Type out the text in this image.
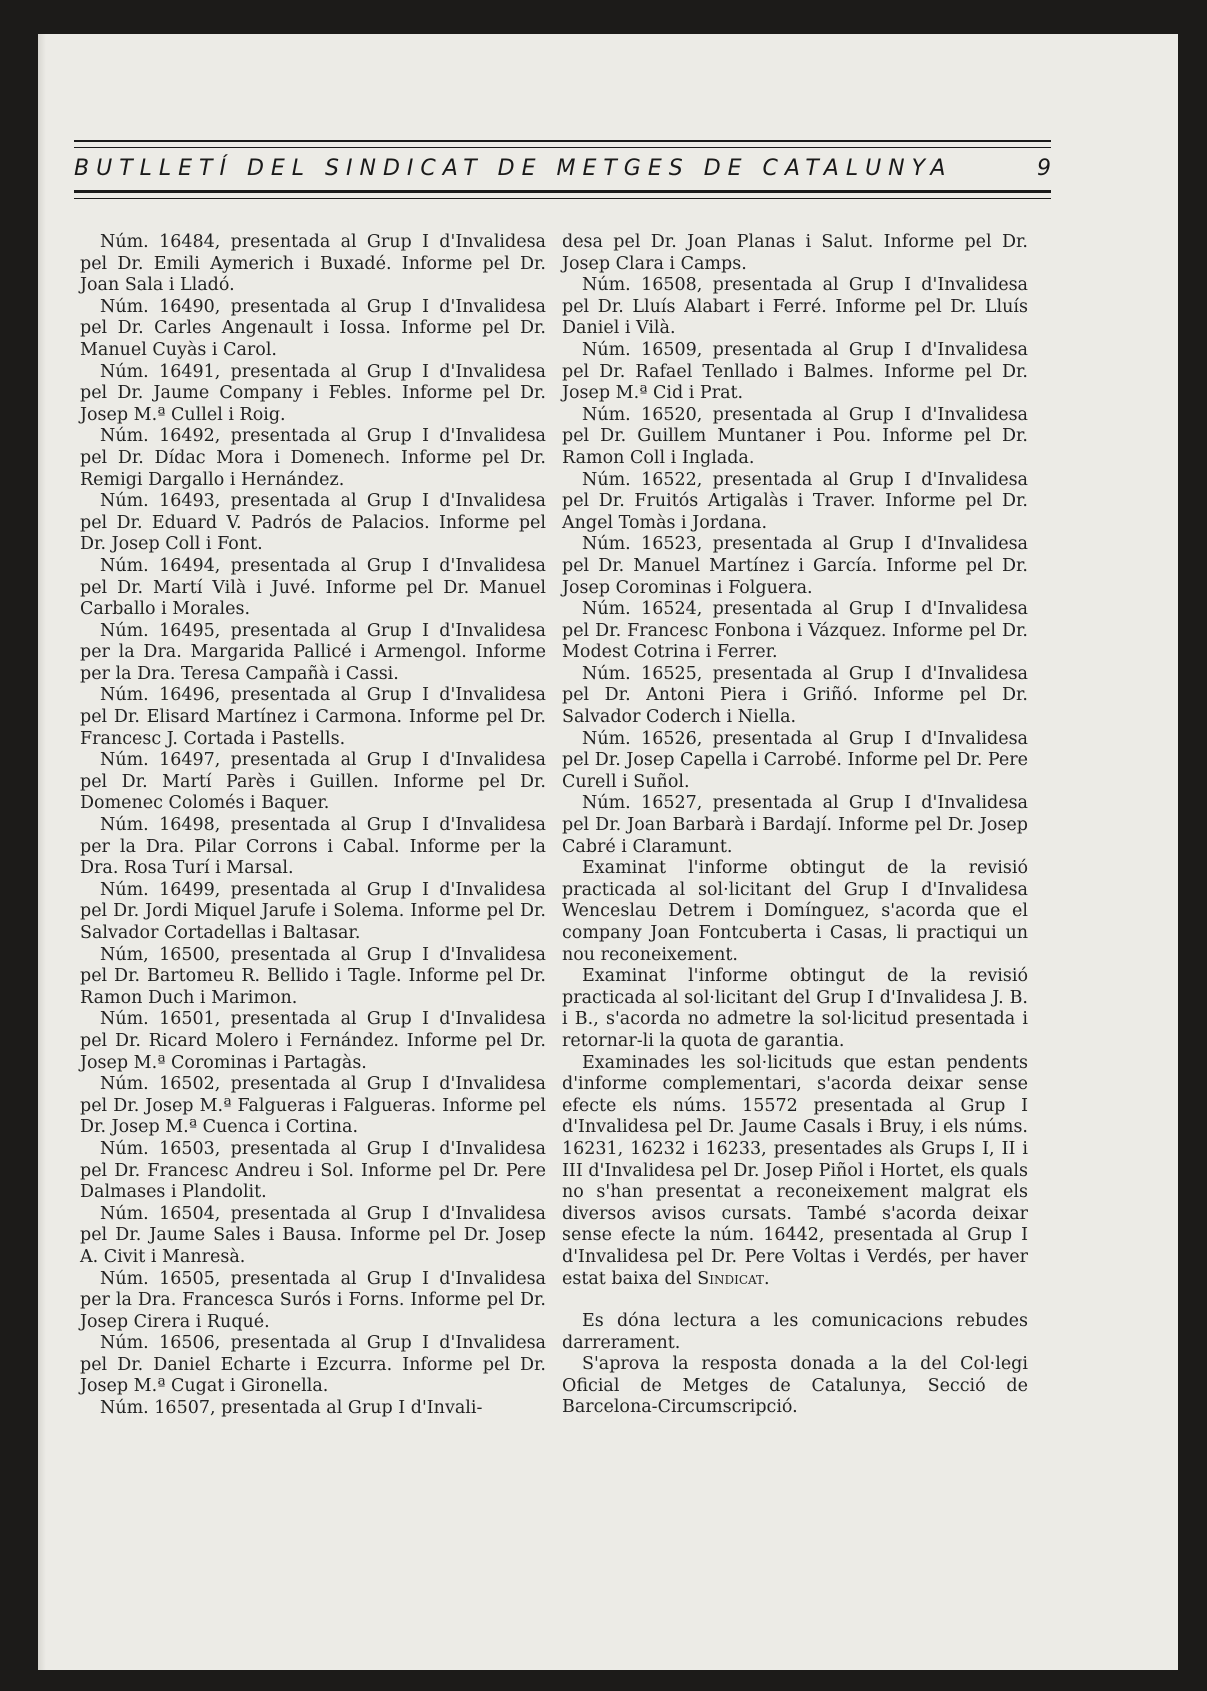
BUTLLETÍ DEL SINDICAT DE METGES DE CATALUNYA	9

Núm. 16484, presentada al Grup I d'Invalidesa pel Dr. Emili Aymerich i Buxadé. Informe pel Dr. Joan Sala i Lladó.

Núm. 16490, presentada al Grup I d'Invalidesa pel Dr. Carles Angenault i Iossa. Informe pel Dr. Manuel Cuyàs i Carol.

Núm. 16491, presentada al Grup I d'Invalidesa pel Dr. Jaume Company i Febles. Informe pel Dr. Josep M.ª Cullel i Roig.

Núm. 16492, presentada al Grup I d'Invalidesa pel Dr. Dídac Mora i Domenech. Informe pel Dr. Remigi Dargallo i Hernández.

Núm. 16493, presentada al Grup I d'Invalidesa pel Dr. Eduard V. Padrós de Palacios. Informe pel Dr. Josep Coll i Font.

Núm. 16494, presentada al Grup I d'Invalidesa pel Dr. Martí Vilà i Juvé. Informe pel Dr. Manuel Carballo i Morales.

Núm. 16495, presentada al Grup I d'Invalidesa per la Dra. Margarida Pallicé i Armengol. Informe per la Dra. Teresa Campañà i Cassi.

Núm. 16496, presentada al Grup I d'Invalidesa pel Dr. Elisard Martínez i Carmona. Informe pel Dr. Francesc J. Cortada i Pastells.

Núm. 16497, presentada al Grup I d'Invalidesa pel Dr. Martí Parès i Guillen. Informe pel Dr. Domenec Colomés i Baquer.

Núm. 16498, presentada al Grup I d'Invalidesa per la Dra. Pilar Corrons i Cabal. Informe per la Dra. Rosa Turí i Marsal.

Núm. 16499, presentada al Grup I d'Invalidesa pel Dr. Jordi Miquel Jarufe i Solema. Informe pel Dr. Salvador Cortadellas i Baltasar.

Núm, 16500, presentada al Grup I d'Invalidesa pel Dr. Bartomeu R. Bellido i Tagle. Informe pel Dr. Ramon Duch i Marimon.

Núm. 16501, presentada al Grup I d'Invalidesa pel Dr. Ricard Molero i Fernández. Informe pel Dr. Josep M.ª Corominas i Partagàs.

Núm. 16502, presentada al Grup I d'Invalidesa pel Dr. Josep M.ª Falgueras i Falgueras. Informe pel Dr. Josep M.ª Cuenca i Cortina.

Núm. 16503, presentada al Grup I d'Invalidesa pel Dr. Francesc Andreu i Sol. Informe pel Dr. Pere Dalmases i Plandolit.

Núm. 16504, presentada al Grup I d'Invalidesa pel Dr. Jaume Sales i Bausa. Informe pel Dr. Josep A. Civit i Manresà.

Núm. 16505, presentada al Grup I d'Invalidesa per la Dra. Francesca Surós i Forns. Informe pel Dr. Josep Cirera i Ruqué.

Núm. 16506, presentada al Grup I d'Invalidesa pel Dr. Daniel Echarte i Ezcurra. Informe pel Dr. Josep M.ª Cugat i Gironella.

Núm. 16507, presentada al Grup I d'Invali-

desa pel Dr. Joan Planas i Salut. Informe pel Dr. Josep Clara i Camps.

Núm. 16508, presentada al Grup I d'Invalidesa pel Dr. Lluís Alabart i Ferré. Informe pel Dr. Lluís Daniel i Vilà.

Núm. 16509, presentada al Grup I d'Invalidesa pel Dr. Rafael Tenllado i Balmes. Informe pel Dr. Josep M.ª Cid i Prat.

Núm. 16520, presentada al Grup I d'Invalidesa pel Dr. Guillem Muntaner i Pou. Informe pel Dr. Ramon Coll i Inglada.

Núm. 16522, presentada al Grup I d'Invalidesa pel Dr. Fruitós Artigalàs i Traver. Informe pel Dr. Angel Tomàs i Jordana.

Núm. 16523, presentada al Grup I d'Invalidesa pel Dr. Manuel Martínez i García. Informe pel Dr. Josep Corominas i Folguera.

Núm. 16524, presentada al Grup I d'Invalidesa pel Dr. Francesc Fonbona i Vázquez. Informe pel Dr. Modest Cotrina i Ferrer.

Núm. 16525, presentada al Grup I d'Invalidesa pel Dr. Antoni Piera i Griñó. Informe pel Dr. Salvador Coderch i Niella.

Núm. 16526, presentada al Grup I d'Invalidesa pel Dr. Josep Capella i Carrobé. Informe pel Dr. Pere Curell i Suñol.

Núm. 16527, presentada al Grup I d'Invalidesa pel Dr. Joan Barbarà i Bardají. Informe pel Dr. Josep Cabré i Claramunt.

Examinat l'informe obtingut de la revisió practicada al sol·licitant del Grup I d'Invalidesa Wenceslau Detrem i Domínguez, s'acorda que el company Joan Fontcuberta i Casas, li practiqui un nou reconeixement.

Examinat l'informe obtingut de la revisió practicada al sol·licitant del Grup I d'Invalidesa J. B. i B., s'acorda no admetre la sol·licitud presentada i retornar-li la quota de garantia.

Examinades les sol·licituds que estan pendents d'informe complementari, s'acorda deixar sense efecte els núms. 15572 presentada al Grup I d'Invalidesa pel Dr. Jaume Casals i Bruy, i els núms. 16231, 16232 i 16233, presentades als Grups I, II i III d'Invalidesa pel Dr. Josep Piñol i Hortet, els quals no s'han presentat a reconeixement malgrat els diversos avisos cursats. També s'acorda deixar sense efecte la núm. 16442, presentada al Grup I d'Invalidesa pel Dr. Pere Voltas i Verdés, per haver estat baixa del Sindicat.

Es dóna lectura a les comunicacions rebudes darrerament.

S'aprova la resposta donada a la del Col·legi Oficial de Metges de Catalunya, Secció de Barcelona-Circumscripció.
